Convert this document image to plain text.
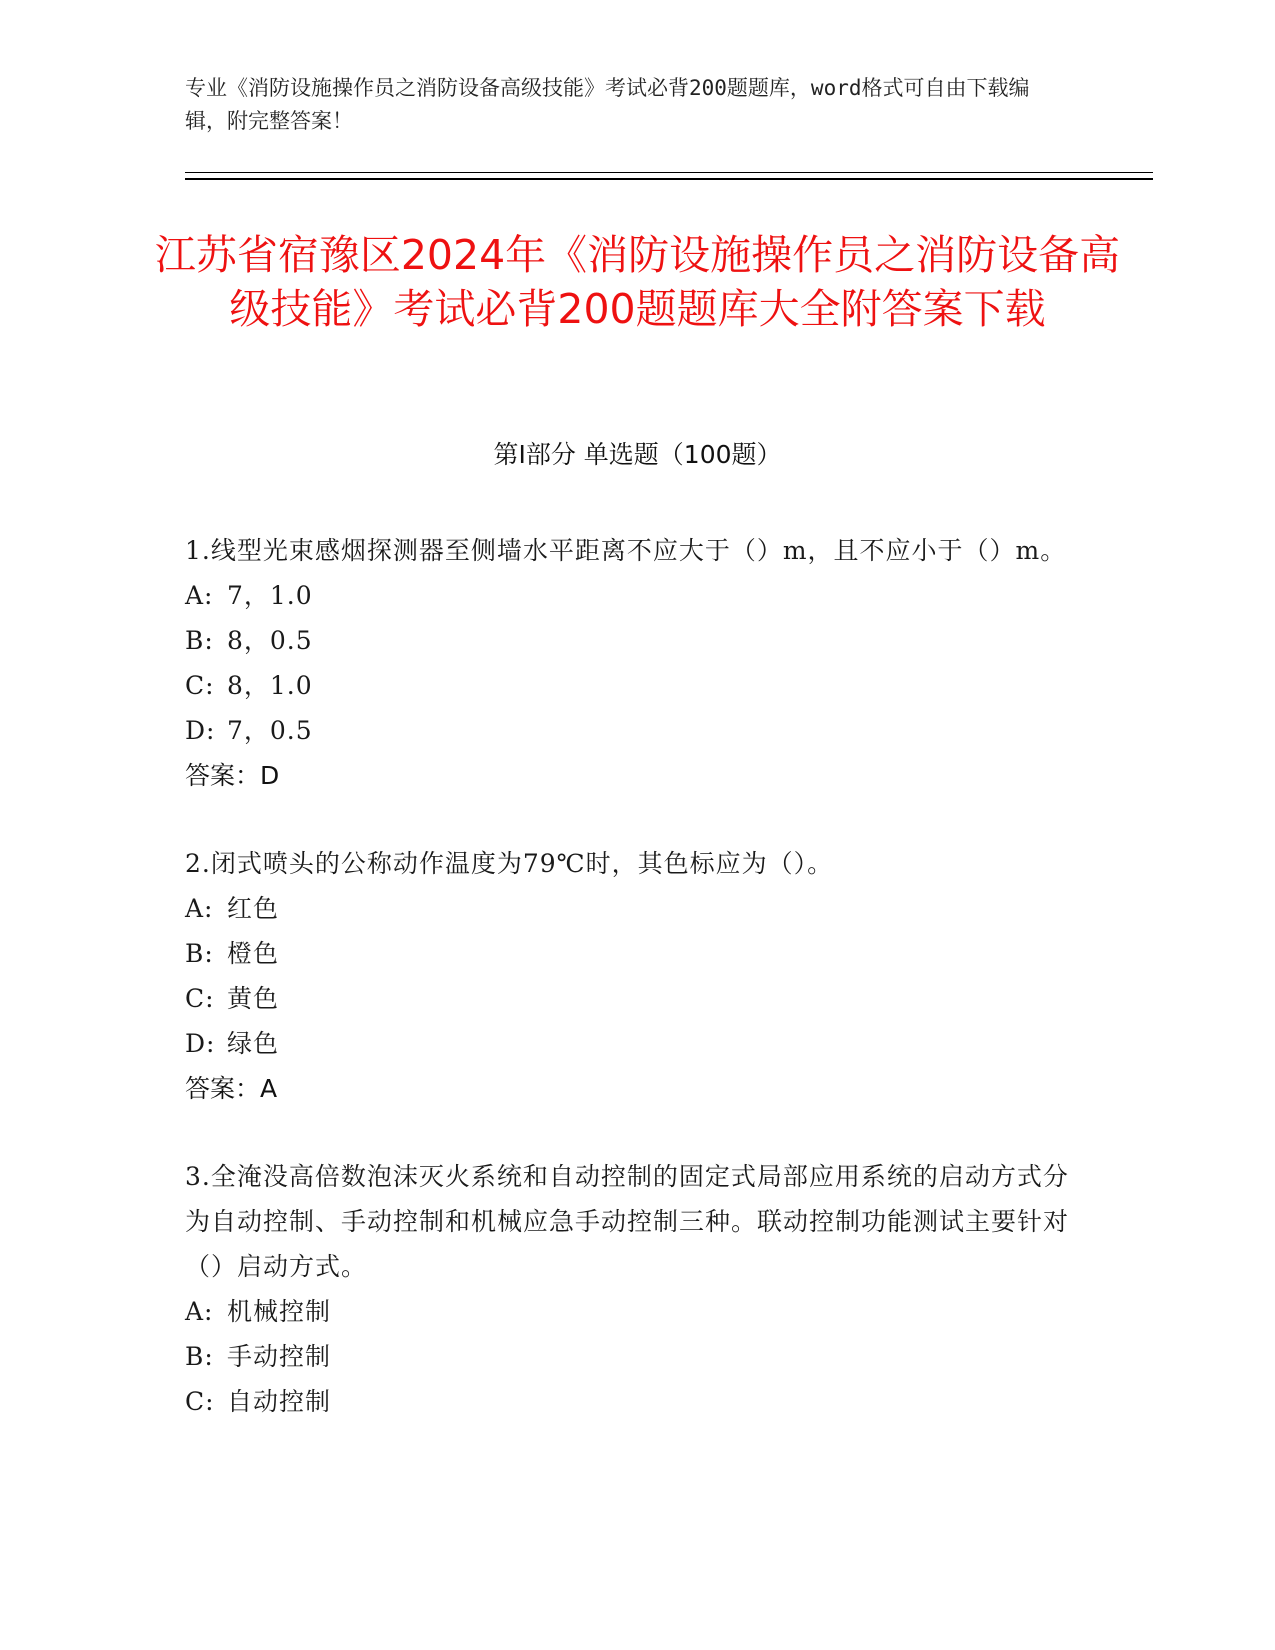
专业《消防设施操作员之消防设备高级技能》考试必背200题题库，word格式可自由下载编辑，附完整答案！
江苏省宿豫区2024年《消防设施操作员之消防设备高级技能》考试必背200题题库大全附答案下载
第Ⅰ部分 单选题（100题）

1.线型光束感烟探测器至侧墙水平距离不应大于（）m，且不应小于（）m。

A: 7，1.0

B: 8，0.5

C: 8，1.0

D: 7，0.5

答案：D

2.闭式喷头的公称动作温度为79℃时，其色标应为（）。

A: 红色

B: 橙色

C: 黄色

D: 绿色

答案：A

3.全淹没高倍数泡沫灭火系统和自动控制的固定式局部应用系统的启动方式分为自动控制、手动控制和机械应急手动控制三种。联动控制功能测试主要针对（）启动方式。

A: 机械控制

B: 手动控制

C: 自动控制
